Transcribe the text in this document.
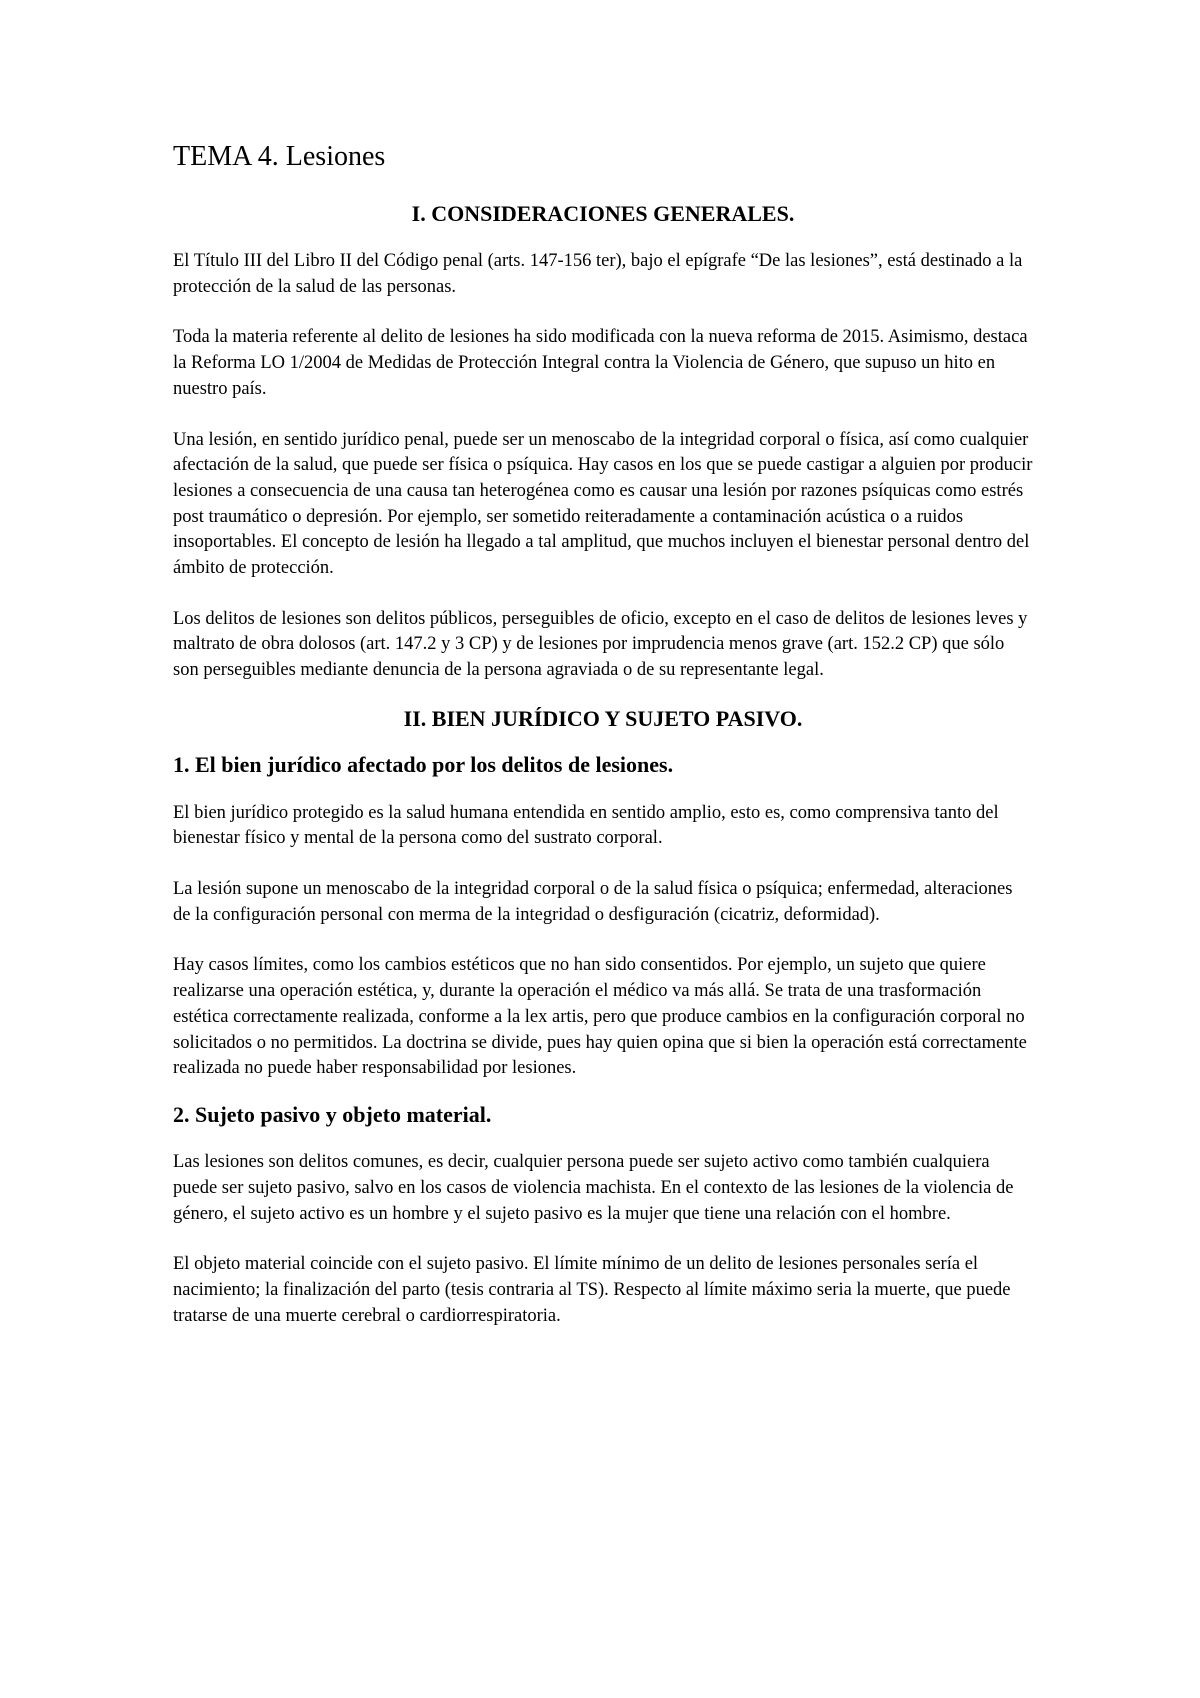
TEMA 4. Lesiones
I. CONSIDERACIONES GENERALES.

El Título III del Libro II del Código penal (arts. 147-156 ter), bajo el epígrafe “De las lesiones”, está destinado a la protección de la salud de las personas.

Toda la materia referente al delito de lesiones ha sido modificada con la nueva reforma de 2015. Asimismo, destaca la Reforma LO 1/2004 de Medidas de Protección Integral contra la Violencia de Género, que supuso un hito en nuestro país.

Una lesión, en sentido jurídico penal, puede ser un menoscabo de la integridad corporal o física, así como cualquier afectación de la salud, que puede ser física o psíquica. Hay casos en los que se puede castigar a alguien por producir lesiones a consecuencia de una causa tan heterogénea como es causar una lesión por razones psíquicas como estrés post traumático o depresión. Por ejemplo, ser sometido reiteradamente a contaminación acústica o a ruidos insoportables. El concepto de lesión ha llegado a tal amplitud, que muchos incluyen el bienestar personal dentro del ámbito de protección.

Los delitos de lesiones son delitos públicos, perseguibles de oficio, excepto en el caso de delitos de lesiones leves y maltrato de obra dolosos (art. 147.2 y 3 CP) y de lesiones por imprudencia menos grave (art. 152.2 CP) que sólo son perseguibles mediante denuncia de la persona agraviada o de su representante legal.

II. BIEN JURÍDICO Y SUJETO PASIVO.
1. El bien jurídico afectado por los delitos de lesiones.

El bien jurídico protegido es la salud humana entendida en sentido amplio, esto es, como comprensiva tanto del bienestar físico y mental de la persona como del sustrato corporal.

La lesión supone un menoscabo de la integridad corporal o de la salud física o psíquica; enfermedad, alteraciones de la configuración personal con merma de la integridad o desfiguración (cicatriz, deformidad).

Hay casos límites, como los cambios estéticos que no han sido consentidos. Por ejemplo, un sujeto que quiere realizarse una operación estética, y, durante la operación el médico va más allá. Se trata de una trasformación estética correctamente realizada, conforme a la lex artis, pero que produce cambios en la configuración corporal no solicitados o no permitidos. La doctrina se divide, pues hay quien opina que si bien la operación está correctamente realizada no puede haber responsabilidad por lesiones.

2. Sujeto pasivo y objeto material.

Las lesiones son delitos comunes, es decir, cualquier persona puede ser sujeto activo como también cualquiera puede ser sujeto pasivo, salvo en los casos de violencia machista. En el contexto de las lesiones de la violencia de género, el sujeto activo es un hombre y el sujeto pasivo es la mujer que tiene una relación con el hombre.

El objeto material coincide con el sujeto pasivo. El límite mínimo de un delito de lesiones personales sería el nacimiento; la finalización del parto (tesis contraria al TS). Respecto al límite máximo seria la muerte, que puede tratarse de una muerte cerebral o cardiorrespiratoria.
